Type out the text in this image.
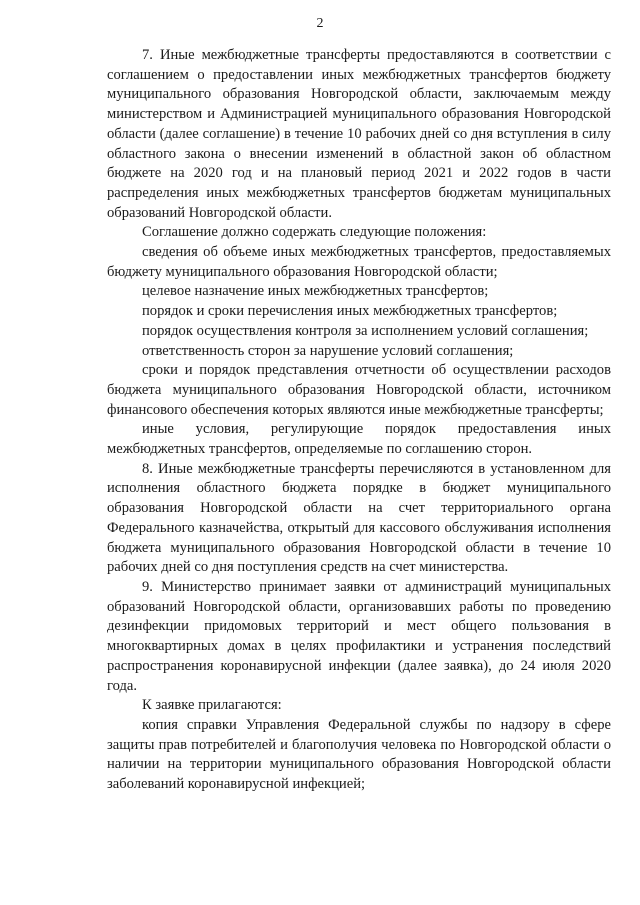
2

7. Иные межбюджетные трансферты предоставляются в соответствии с соглашением о предоставлении иных межбюджетных трансфертов бюджету муниципального образования Новгородской области, заключаемым между министерством и Администрацией муниципального образования Новгородской области (далее соглашение) в течение 10 рабочих дней со дня вступления в силу областного закона о внесении изменений в областной закон об областном бюджете на 2020 год и на плановый период 2021 и 2022 годов в части распределения иных межбюджетных трансфертов бюджетам муниципальных образований Новгородской области.

Соглашение должно содержать следующие положения:

сведения об объеме иных межбюджетных трансфертов, предоставляемых бюджету муниципального образования Новгородской области;

целевое назначение иных межбюджетных трансфертов;

порядок и сроки перечисления иных межбюджетных трансфертов;

порядок осуществления контроля за исполнением условий соглашения;

ответственность сторон за нарушение условий соглашения;

сроки и порядок представления отчетности об осуществлении расходов бюджета муниципального образования Новгородской области, источником финансового обеспечения которых являются иные межбюджетные трансферты;

иные условия, регулирующие порядок предоставления иных межбюджетных трансфертов, определяемые по соглашению сторон.

8. Иные межбюджетные трансферты перечисляются в установленном для исполнения областного бюджета порядке в бюджет муниципального образования Новгородской области на счет территориального органа Федерального казначейства, открытый для кассового обслуживания исполнения бюджета муниципального образования Новгородской области в течение 10 рабочих дней со дня поступления средств на счет министерства.

9. Министерство принимает заявки от администраций муниципальных образований Новгородской области, организовавших работы по проведению дезинфекции придомовых территорий и мест общего пользования в многоквартирных домах в целях профилактики и устранения последствий распространения коронавирусной инфекции (далее заявка), до 24 июля 2020 года.

К заявке прилагаются:

копия справки Управления Федеральной службы по надзору в сфере защиты прав потребителей и благополучия человека по Новгородской области о наличии на территории муниципального образования Новгородской области заболеваний коронавирусной инфекцией;
